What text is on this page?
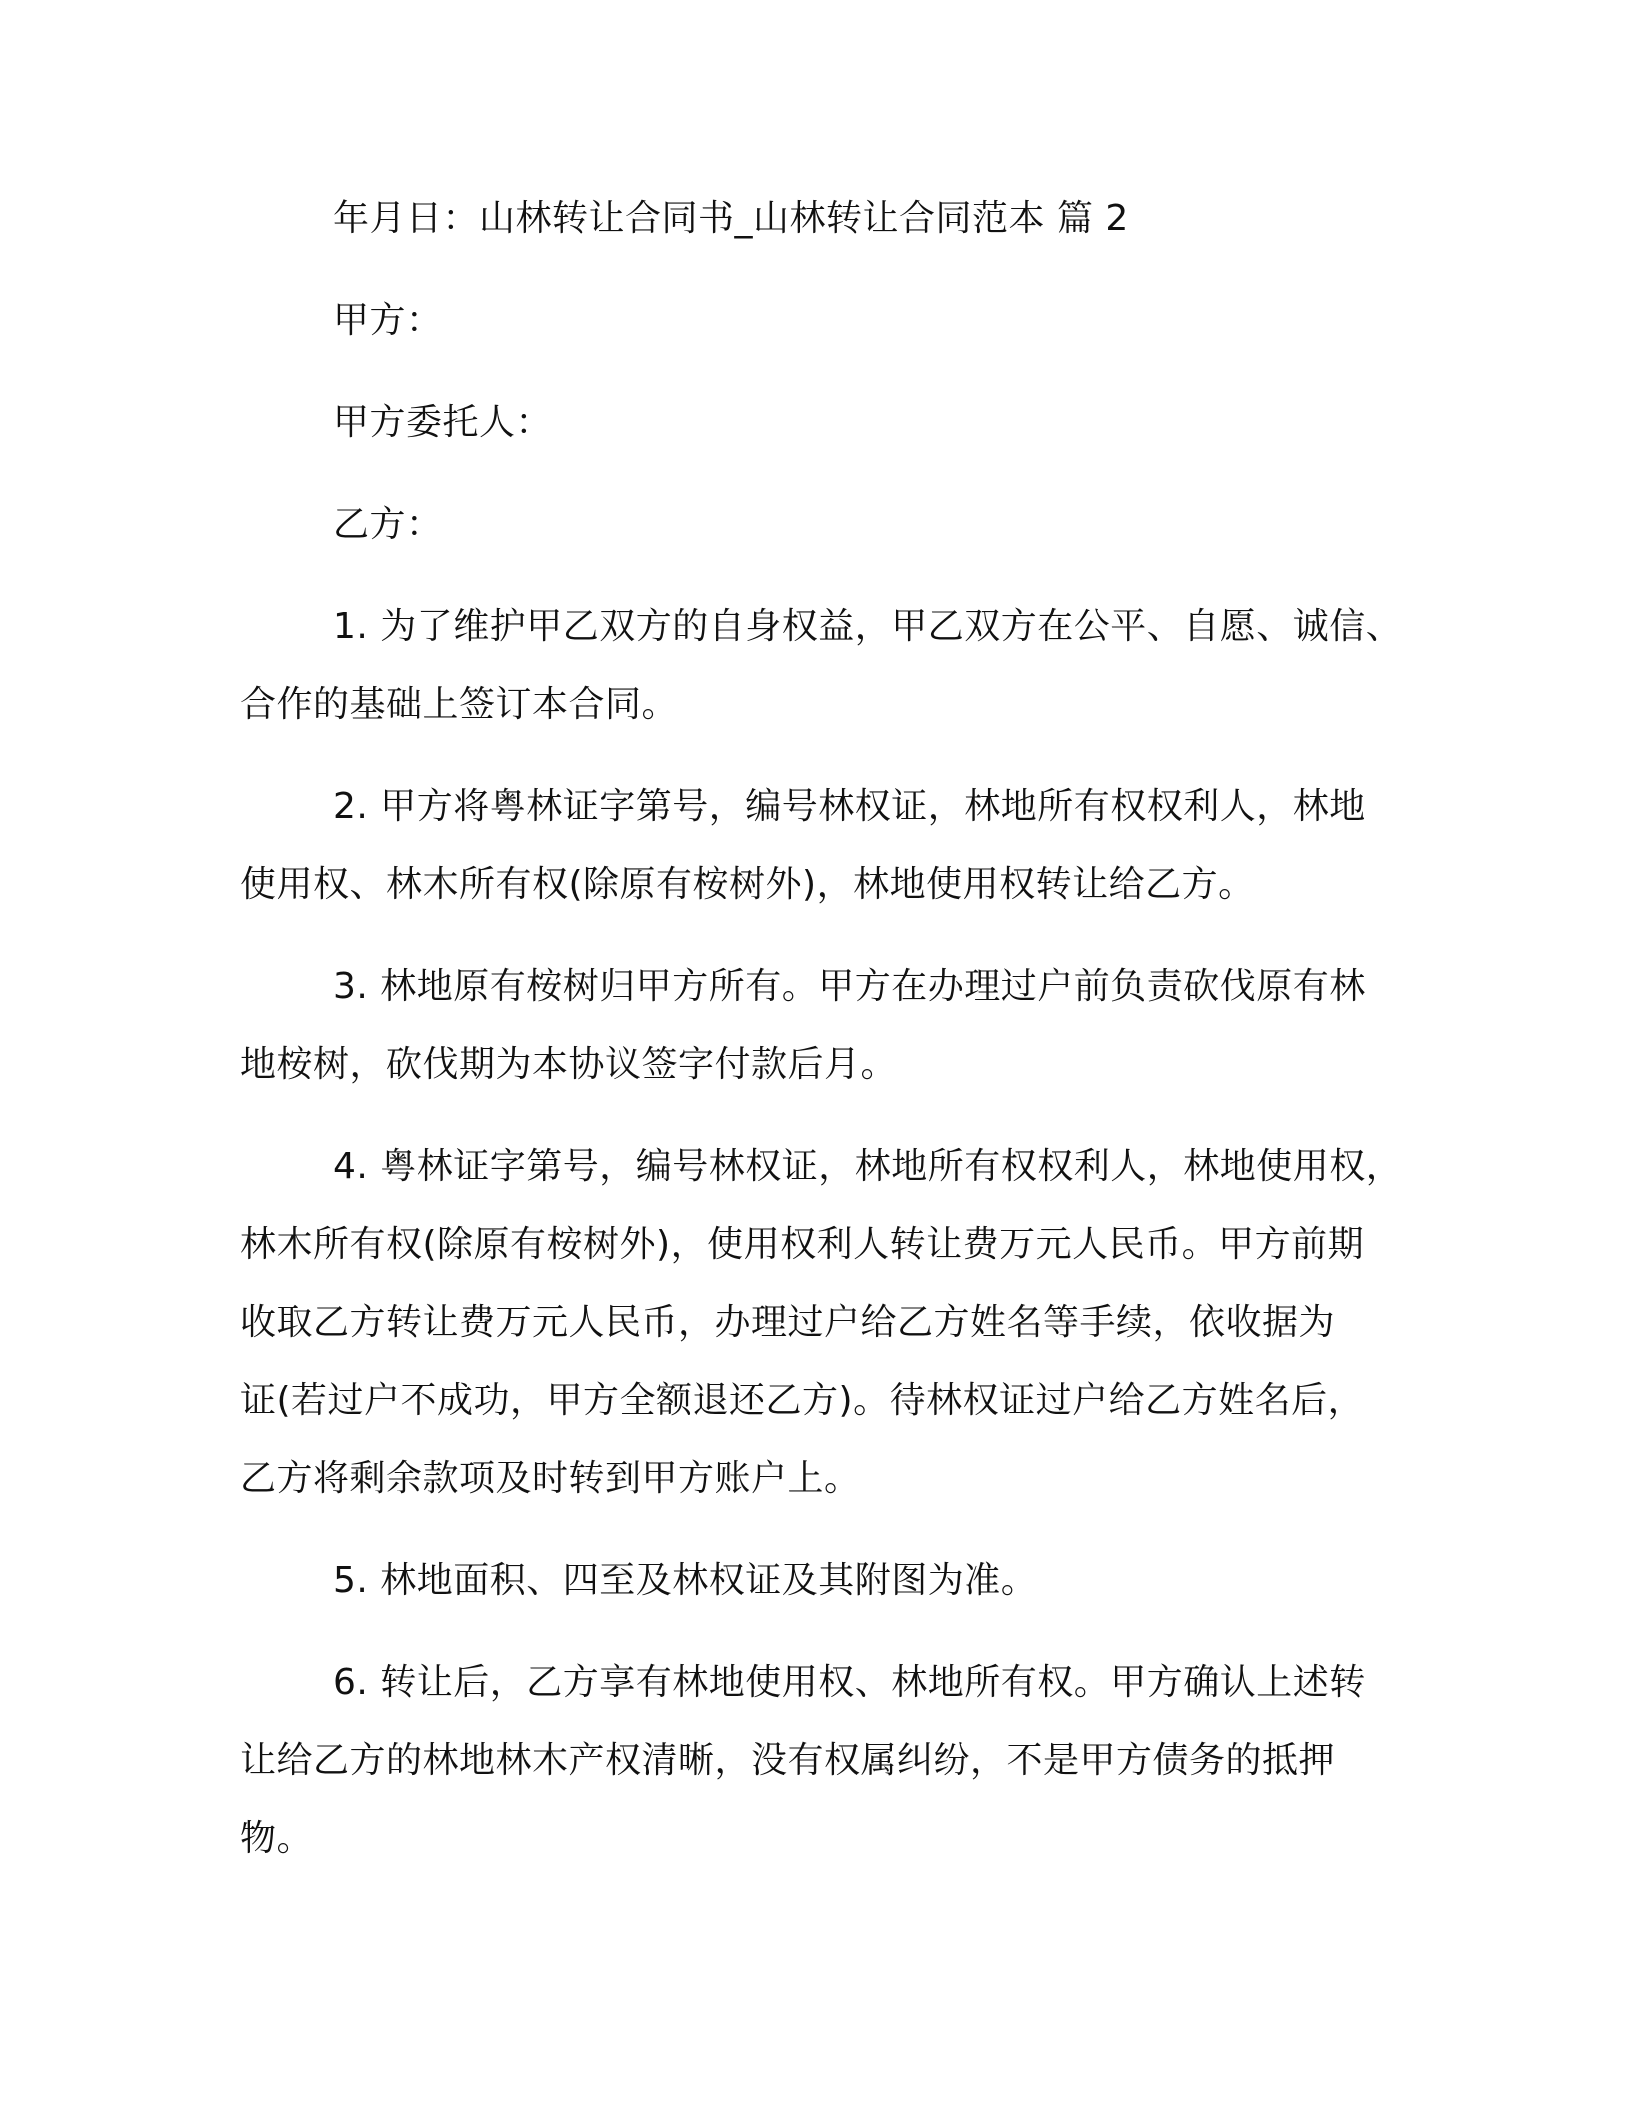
年月日：山林转让合同书_山林转让合同范本 篇 2

甲方：

甲方委托人：

乙方：

1. 为了维护甲乙双方的自身权益，甲乙双方在公平、自愿、诚信、

合作的基础上签订本合同。

2. 甲方将粤林证字第号，编号林权证，林地所有权权利人，林地

使用权、林木所有权(除原有桉树外)，林地使用权转让给乙方。

3. 林地原有桉树归甲方所有。甲方在办理过户前负责砍伐原有林

地桉树，砍伐期为本协议签字付款后月。

4. 粤林证字第号，编号林权证，林地所有权权利人，林地使用权，

林木所有权(除原有桉树外)，使用权利人转让费万元人民币。甲方前期

收取乙方转让费万元人民币，办理过户给乙方姓名等手续，依收据为

证(若过户不成功，甲方全额退还乙方)。待林权证过户给乙方姓名后，

乙方将剩余款项及时转到甲方账户上。

5. 林地面积、四至及林权证及其附图为准。

6. 转让后，乙方享有林地使用权、林地所有权。甲方确认上述转

让给乙方的林地林木产权清晰，没有权属纠纷，不是甲方债务的抵押

物。
